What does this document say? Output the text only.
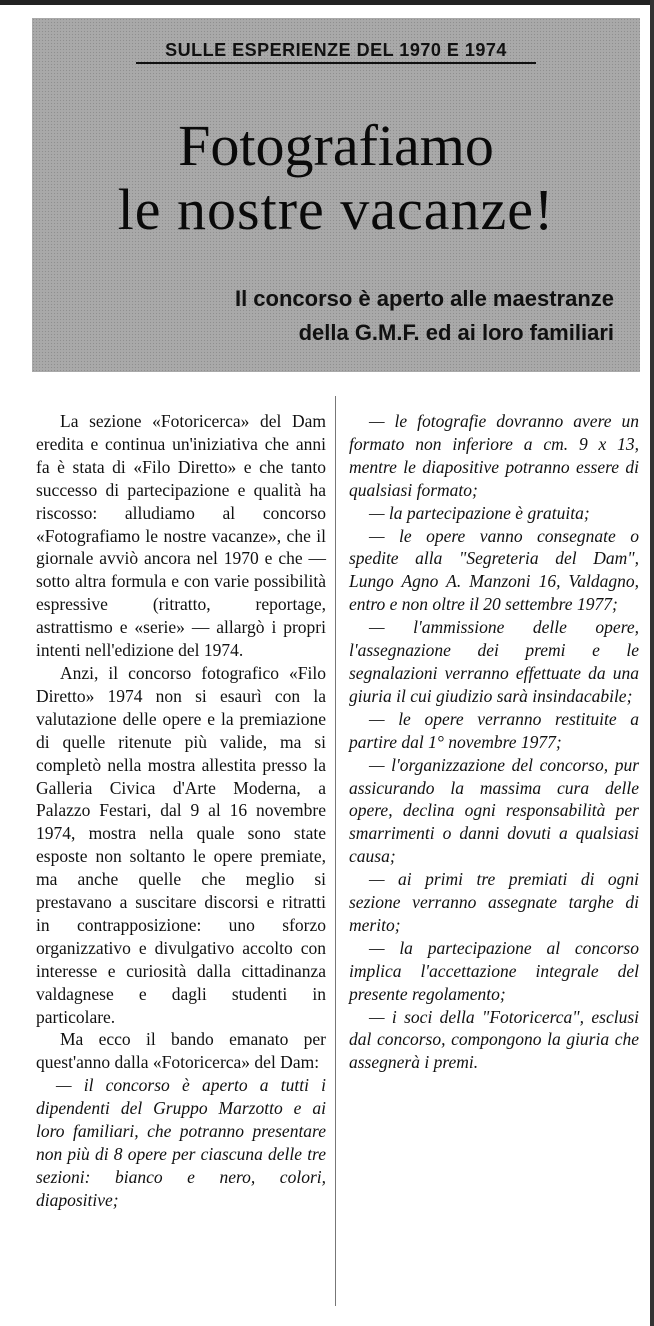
SULLE ESPERIENZE DEL 1970 E 1974
Fotografiamo
le nostre vacanze!
Il concorso è aperto alle maestranze
della G.M.F. ed ai loro familiari

La sezione «Fotoricerca» del Dam eredita e continua un'iniziativa che anni fa è stata di «Filo Diretto» e che tanto successo di partecipazione e qualità ha riscosso: alludiamo al concorso «Fotografiamo le nostre vacanze», che il giornale avviò ancora nel 1970 e che — sotto altra formula e con varie possibilità espressive (ritratto, reportage, astrattismo e «serie» — allargò i propri intenti nell'edizione del 1974.

Anzi, il concorso fotografico «Filo Diretto» 1974 non si esaurì con la valutazione delle opere e la premiazione di quelle ritenute più valide, ma si completò nella mostra allestita presso la Galleria Civica d'Arte Moderna, a Palazzo Festari, dal 9 al 16 novembre 1974, mostra nella quale sono state esposte non soltanto le opere premiate, ma anche quelle che meglio si prestavano a suscitare discorsi e ritratti in contrapposizione: uno sforzo organizzativo e divulgativo accolto con interesse e curiosità dalla cittadinanza valdagnese e dagli studenti in particolare.

Ma ecco il bando emanato per quest'anno dalla «Fotoricerca» del Dam:

— il concorso è aperto a tutti i dipendenti del Gruppo Marzotto e ai loro familiari, che potranno presentare non più di 8 opere per ciascuna delle tre sezioni: bianco e nero, colori, diapositive;

— le fotografie dovranno avere un formato non inferiore a cm. 9 x 13, mentre le diapositive potranno essere di qualsiasi formato;

— la partecipazione è gratuita;

— le opere vanno consegnate o spedite alla "Segreteria del Dam", Lungo Agno A. Manzoni 16, Valdagno, entro e non oltre il 20 settembre 1977;

— l'ammissione delle opere, l'assegnazione dei premi e le segnalazioni verranno effettuate da una giuria il cui giudizio sarà insindacabile;

— le opere verranno restituite a partire dal 1° novembre 1977;

— l'organizzazione del concorso, pur assicurando la massima cura delle opere, declina ogni responsabilità per smarrimenti o danni dovuti a qualsiasi causa;

— ai primi tre premiati di ogni sezione verranno assegnate targhe di merito;

— la partecipazione al concorso implica l'accettazione integrale del presente regolamento;

— i soci della "Fotoricerca", esclusi dal concorso, compongono la giuria che assegnerà i premi.
